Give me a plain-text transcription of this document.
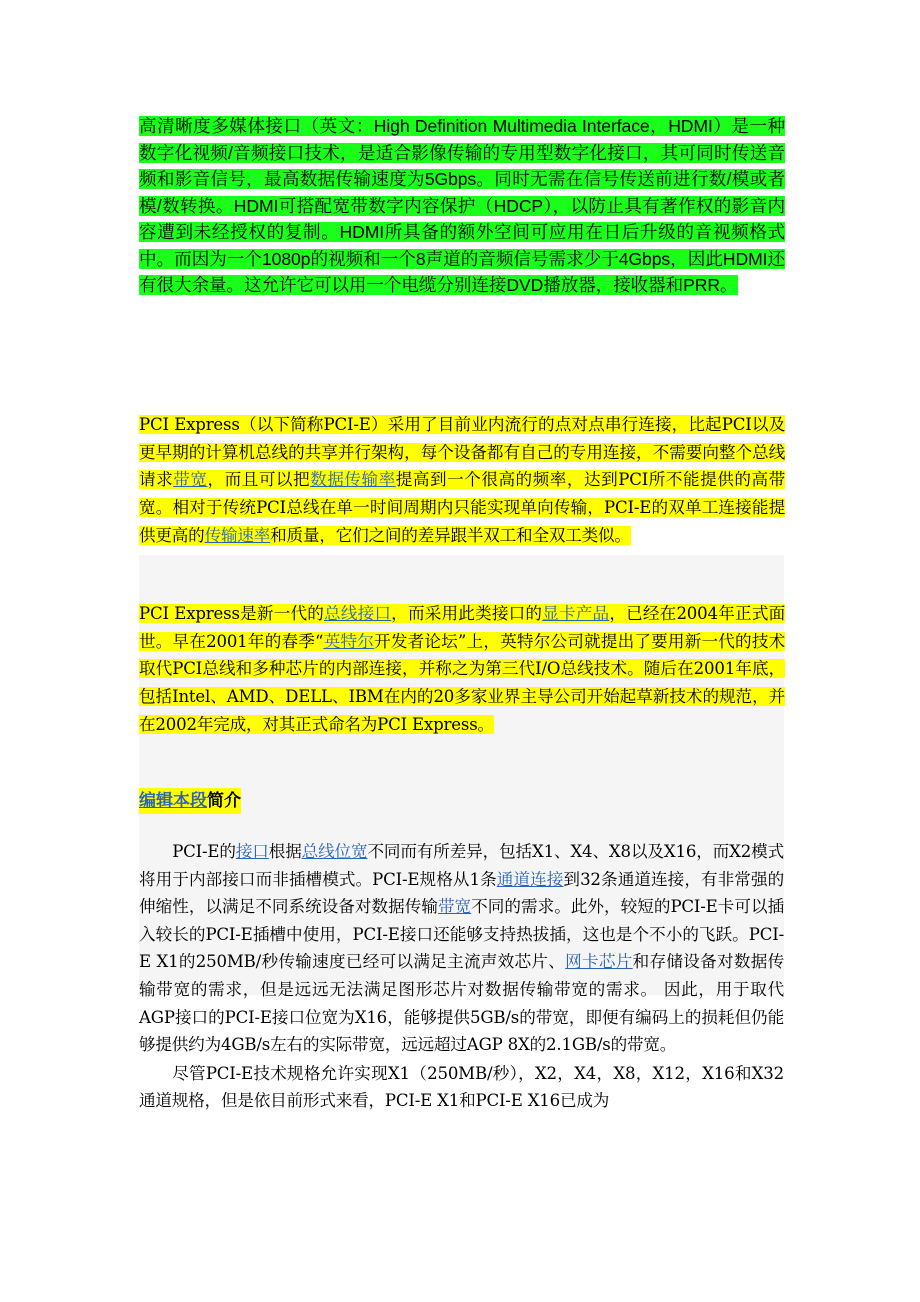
高清晰度多媒体接口（英文：High Definition Multimedia Interface，HDMI）是一种数字化视频/音频接口技术，是适合影像传输的专用型数字化接口，其可同时传送音频和影音信号，最高数据传输速度为5Gbps。同时无需在信号传送前进行数/模或者模/数转换。HDMI可搭配宽带数字内容保护（HDCP），以防止具有著作权的影音内容遭到未经授权的复制。HDMI所具备的额外空间可应用在日后升级的音视频格式中。而因为一个1080p的视频和一个8声道的音频信号需求少于4Gbps，因此HDMI还有很大余量。这允许它可以用一个电缆分别连接DVD播放器，接收器和PRR。
PCI Express（以下简称PCI-E）采用了目前业内流行的点对点串行连接，比起PCI以及更早期的计算机总线的共享并行架构，每个设备都有自己的专用连接，不需要向整个总线请求带宽，而且可以把数据传输率提高到一个很高的频率，达到PCI所不能提供的高带宽。相对于传统PCI总线在单一时间周期内只能实现单向传输，PCI-E的双单工连接能提供更高的传输速率和质量，它们之间的差异跟半双工和全双工类似。
PCI Express是新一代的总线接口，而采用此类接口的显卡产品，已经在2004年正式面世。早在2001年的春季“英特尔开发者论坛”上，英特尔公司就提出了要用新一代的技术取代PCI总线和多种芯片的内部连接，并称之为第三代I/O总线技术。随后在2001年底，包括Intel、AMD、DELL、IBM在内的20多家业界主导公司开始起草新技术的规范，并在2002年完成，对其正式命名为PCI Express。
编辑本段简介

PCI-E的接口根据总线位宽不同而有所差异，包括X1、X4、X8以及X16，而X2模式将用于内部接口而非插槽模式。PCI-E规格从1条通道连接到32条通道连接，有非常强的伸缩性，以满足不同系统设备对数据传输带宽不同的需求。此外，较短的PCI-E卡可以插入较长的PCI-E插槽中使用，PCI-E接口还能够支持热拔插，这也是个不小的飞跃。PCI-E X1的250MB/秒传输速度已经可以满足主流声效芯片、网卡芯片和存储设备对数据传输带宽的需求，但是远远无法满足图形芯片对数据传输带宽的需求。 因此，用于取代AGP接口的PCI-E接口位宽为X16，能够提供5GB/s的带宽，即便有编码上的损耗但仍能够提供约为4GB/s左右的实际带宽，远远超过AGP 8X的2.1GB/s的带宽。

尽管PCI-E技术规格允许实现X1（250MB/秒），X2，X4，X8，X12，X16和X32通道规格，但是依目前形式来看，PCI-E X1和PCI-E X16已成为
